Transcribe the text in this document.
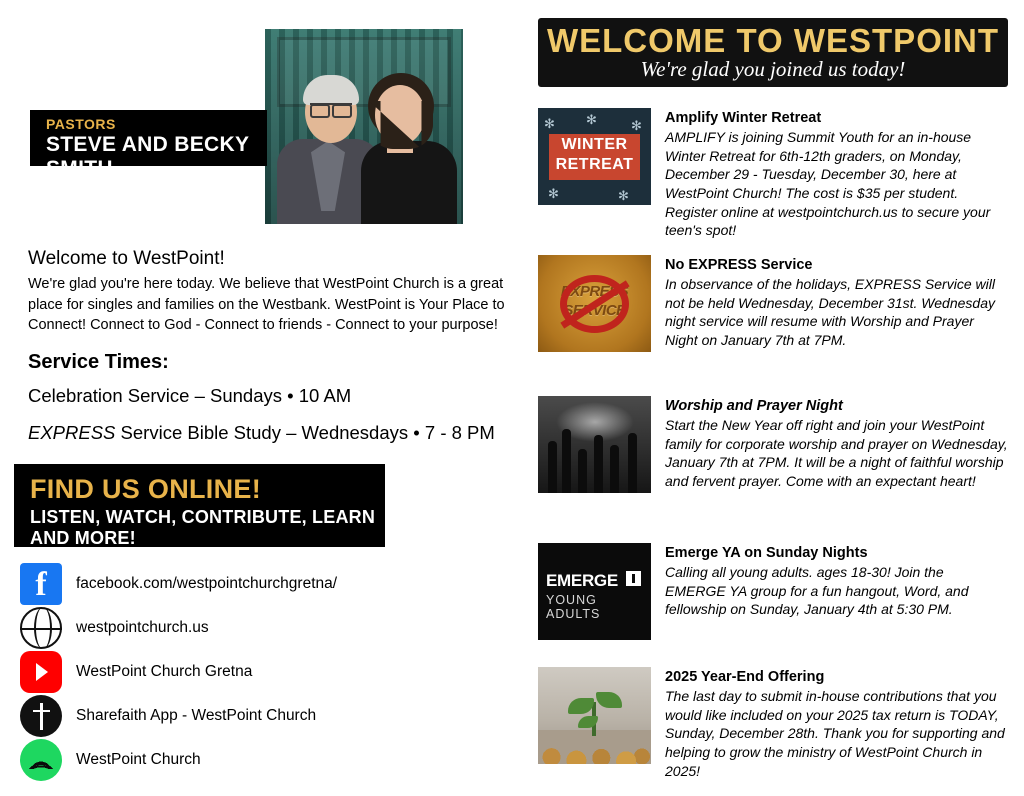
PASTORS
STEVE AND BECKY SMITH
Welcome to WestPoint!
We're glad you're here today. We believe that WestPoint Church is a great place for singles and families on the Westbank. WestPoint is Your Place to Connect! Connect to God - Connect to friends - Connect to your purpose!
Service Times:
Celebration Service – Sundays • 10 AM
EXPRESS Service Bible Study – Wednesdays • 7 - 8 PM
FIND US ONLINE!
LISTEN, WATCH, CONTRIBUTE, LEARN AND MORE!
f
facebook.com/westpointchurchgretna/
westpointchurch.us
WestPoint Church Gretna
Sharefaith App - WestPoint Church
WestPoint Church
WELCOME TO WESTPOINT
We're glad you joined us today!
✻	✻
✻	✻
✻
WINTER
RETREAT
Amplify Winter Retreat
AMPLIFY is joining Summit Youth for an in-house Winter Retreat for 6th-12th graders, on Monday, December 29 - Tuesday, December 30, here at WestPoint Church! The cost is $35 per student. Register online at westpointchurch.us to secure your teen's spot!
EXPRESS
SERVICE
No EXPRESS Service
In observance of the holidays, EXPRESS Service will not be held Wednesday, December 31st. Wednesday night service will resume with Worship and Prayer Night on January 7th at 7PM.
Worship and Prayer Night
Start the New Year off right and join your WestPoint family for corporate worship and prayer on Wednesday, January 7th at 7PM. It will be a night of faithful worship and fervent prayer. Come with an expectant heart!
EMERGE
YOUNG ADULTS
Emerge YA on Sunday Nights
Calling all young adults. ages 18-30! Join the EMERGE YA group for a fun hangout, Word, and fellowship on Sunday, January 4th at 5:30 PM.
2025 Year-End Offering
The last day to submit in-house contributions that you would like included on your 2025 tax return is TODAY, Sunday, December 28th. Thank you for supporting and helping to grow the ministry of WestPoint Church in 2025!
